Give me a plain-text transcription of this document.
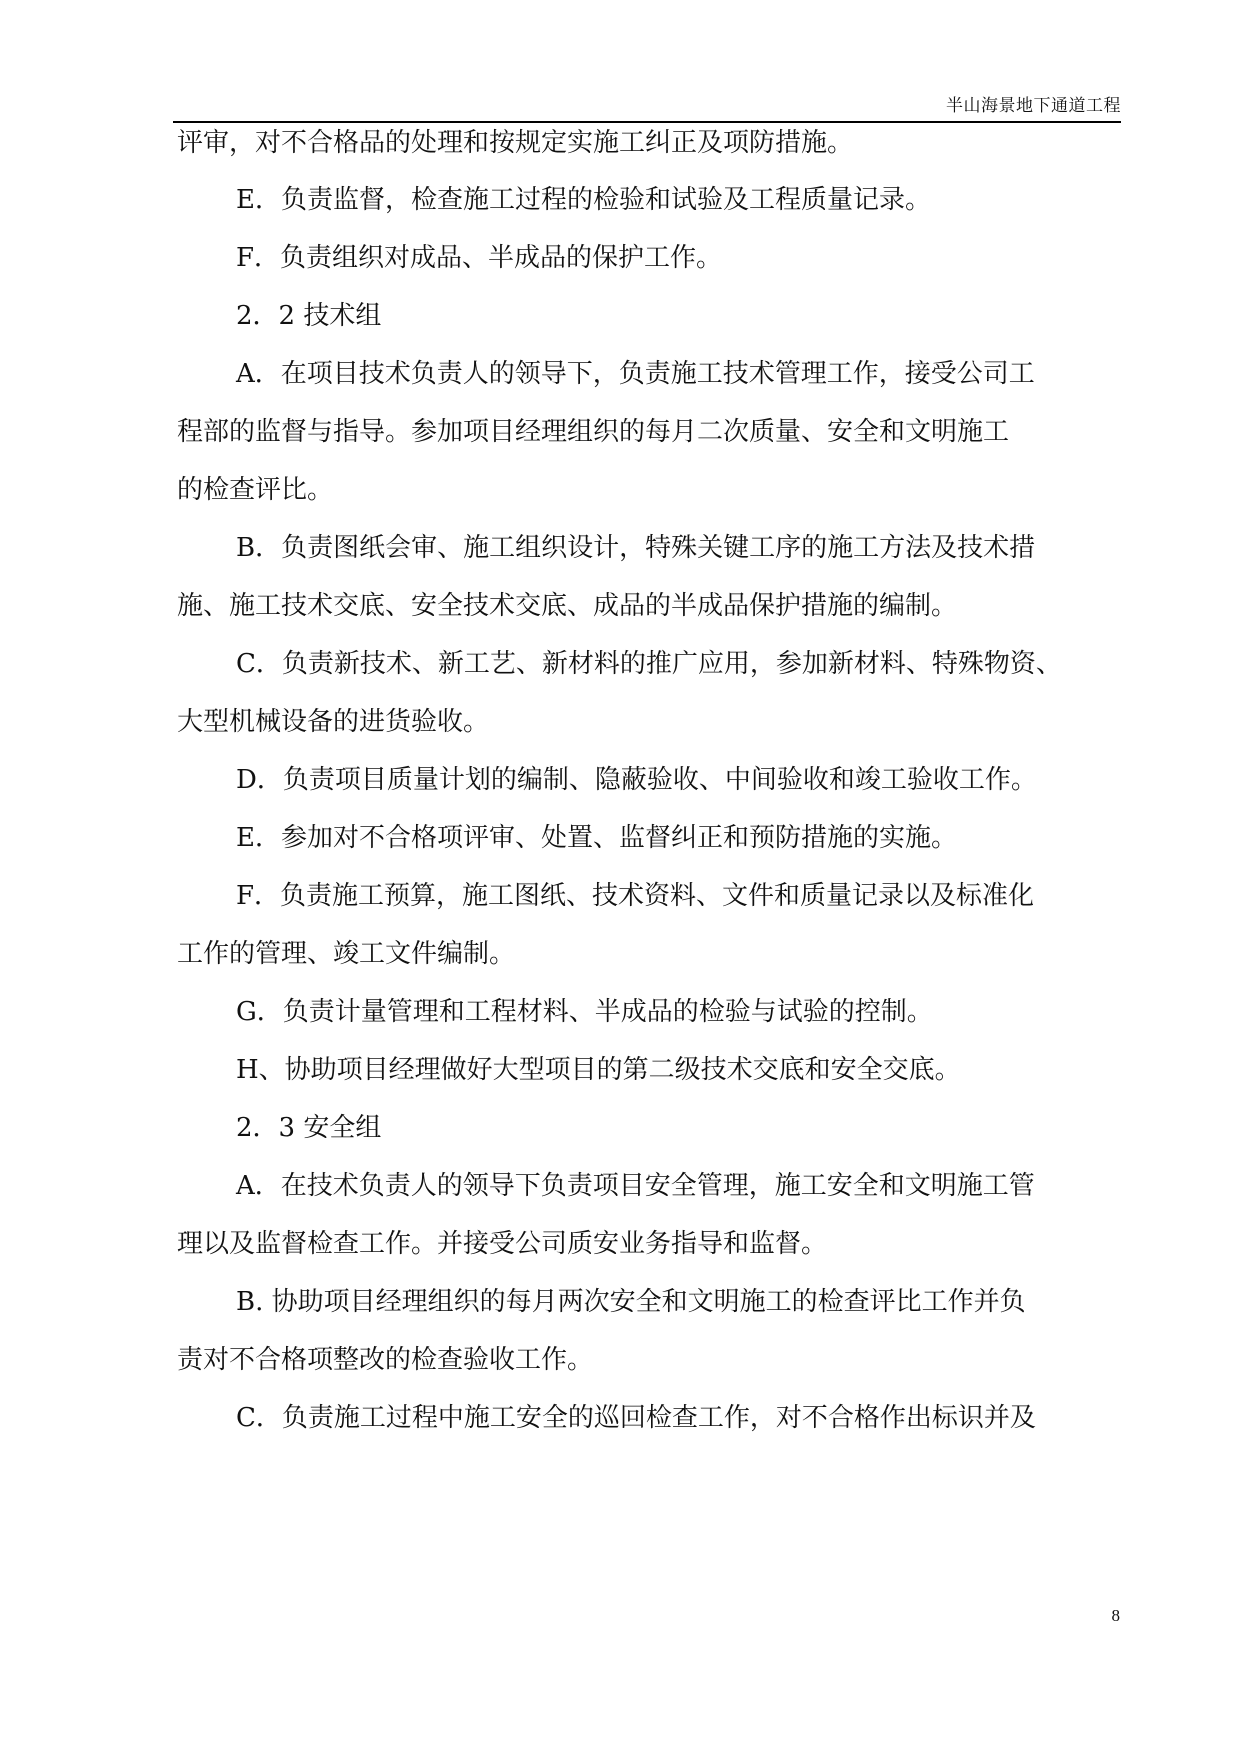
半山海景地下通道工程
评审，对不合格品的处理和按规定实施工纠正及项防措施。
E．负责监督，检查施工过程的检验和试验及工程质量记录。
F．负责组织对成品、半成品的保护工作。
2．2 技术组
A．在项目技术负责人的领导下，负责施工技术管理工作，接受公司工
程部的监督与指导。参加项目经理组织的每月二次质量、安全和文明施工
的检查评比。
B．负责图纸会审、施工组织设计，特殊关键工序的施工方法及技术措
施、施工技术交底、安全技术交底、成品的半成品保护措施的编制。
C．负责新技术、新工艺、新材料的推广应用，参加新材料、特殊物资、
大型机械设备的进货验收。
D．负责项目质量计划的编制、隐蔽验收、中间验收和竣工验收工作。
E．参加对不合格项评审、处置、监督纠正和预防措施的实施。
F．负责施工预算，施工图纸、技术资料、文件和质量记录以及标准化
工作的管理、竣工文件编制。
G．负责计量管理和工程材料、半成品的检验与试验的控制。
H、协助项目经理做好大型项目的第二级技术交底和安全交底。
2．3 安全组
A．在技术负责人的领导下负责项目安全管理，施工安全和文明施工管
理以及监督检查工作。并接受公司质安业务指导和监督。
B. 协助项目经理组织的每月两次安全和文明施工的检查评比工作并负
责对不合格项整改的检查验收工作。
C．负责施工过程中施工安全的巡回检查工作，对不合格作出标识并及
8
